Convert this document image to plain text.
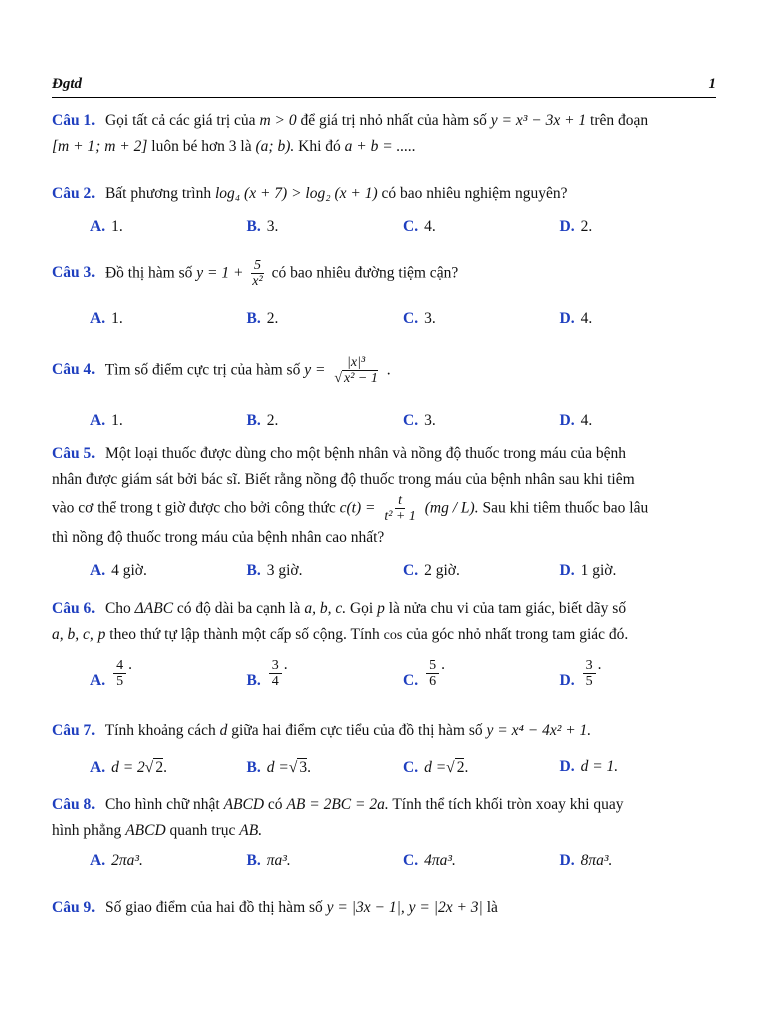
Đgtd	1
Câu 1. Gọi tất cả các giá trị của m > 0 để giá trị nhỏ nhất của hàm số y = x³ − 3x + 1 trên đoạn
[m + 1; m + 2] luôn bé hơn 3 là (a; b). Khi đó a + b = .....
Câu 2. Bất phương trình log₄ (x + 7) > log₂ (x + 1) có bao nhiêu nghiệm nguyên?
A. 1.	B. 3.	C. 4.	D. 2.
Câu 3. Đồ thị hàm số $y = 1 + \frac{5}{\text{x²}}$ có bao nhiêu đường tiệm cận?
A. 1.	B. 2.	C. 3.	D. 4.
Câu 4. Tìm số điểm cực trị của hàm số $y = \frac{\text{|x|³}}{\text{√ x² − 1}}$ .
A. 1.	B. 2.	C. 3.	D. 4.
Câu 5. Một loại thuốc được dùng cho một bệnh nhân và nồng độ thuốc trong máu của bệnh
nhân được giám sát bởi bác sĩ. Biết rằng nồng độ thuốc trong máu của bệnh nhân sau khi tiêm
vào cơ thể trong t giờ được cho bởi công thức $c(t) = \frac{t}{\text{t² + 1}} (mg / L)$. Sau khi tiêm thuốc bao lâu
thì nồng độ thuốc trong máu của bệnh nhân cao nhất?
A. 4 giờ.	B. 3 giờ.	C. 2 giờ.	D. 1 giờ.
Câu 6. Cho ΔABC có độ dài ba cạnh là a, b, c. Gọi p là nửa chu vi của tam giác, biết dãy số
a, b, c, p theo thứ tự lập thành một cấp số cộng. Tính cos của góc nhỏ nhất trong tam giác đó.
A. $\frac{4}{5}$ .
B. $\frac{3}{4}$ .
C. $\frac{5}{6}$ .
D. $\frac{3}{5}$ .
Câu 7. Tính khoảng cách d giữa hai điểm cực tiểu của đồ thị hàm số y = x⁴ − 4x² + 1.
A. d = 2 √ 2 .	B. d = √ 3 .	C. d = √ 2 .	D. d = 1.
Câu 8. Cho hình chữ nhật ABCD có AB = 2BC = 2a. Tính thể tích khối tròn xoay khi quay
hình phẳng ABCD quanh trục AB.
A. 2πa³.	B. πa³.	C. 4πa³.	D. 8πa³.
Câu 9. Số giao điểm của hai đồ thị hàm số y = |3x − 1|, y = |2x + 3| là
